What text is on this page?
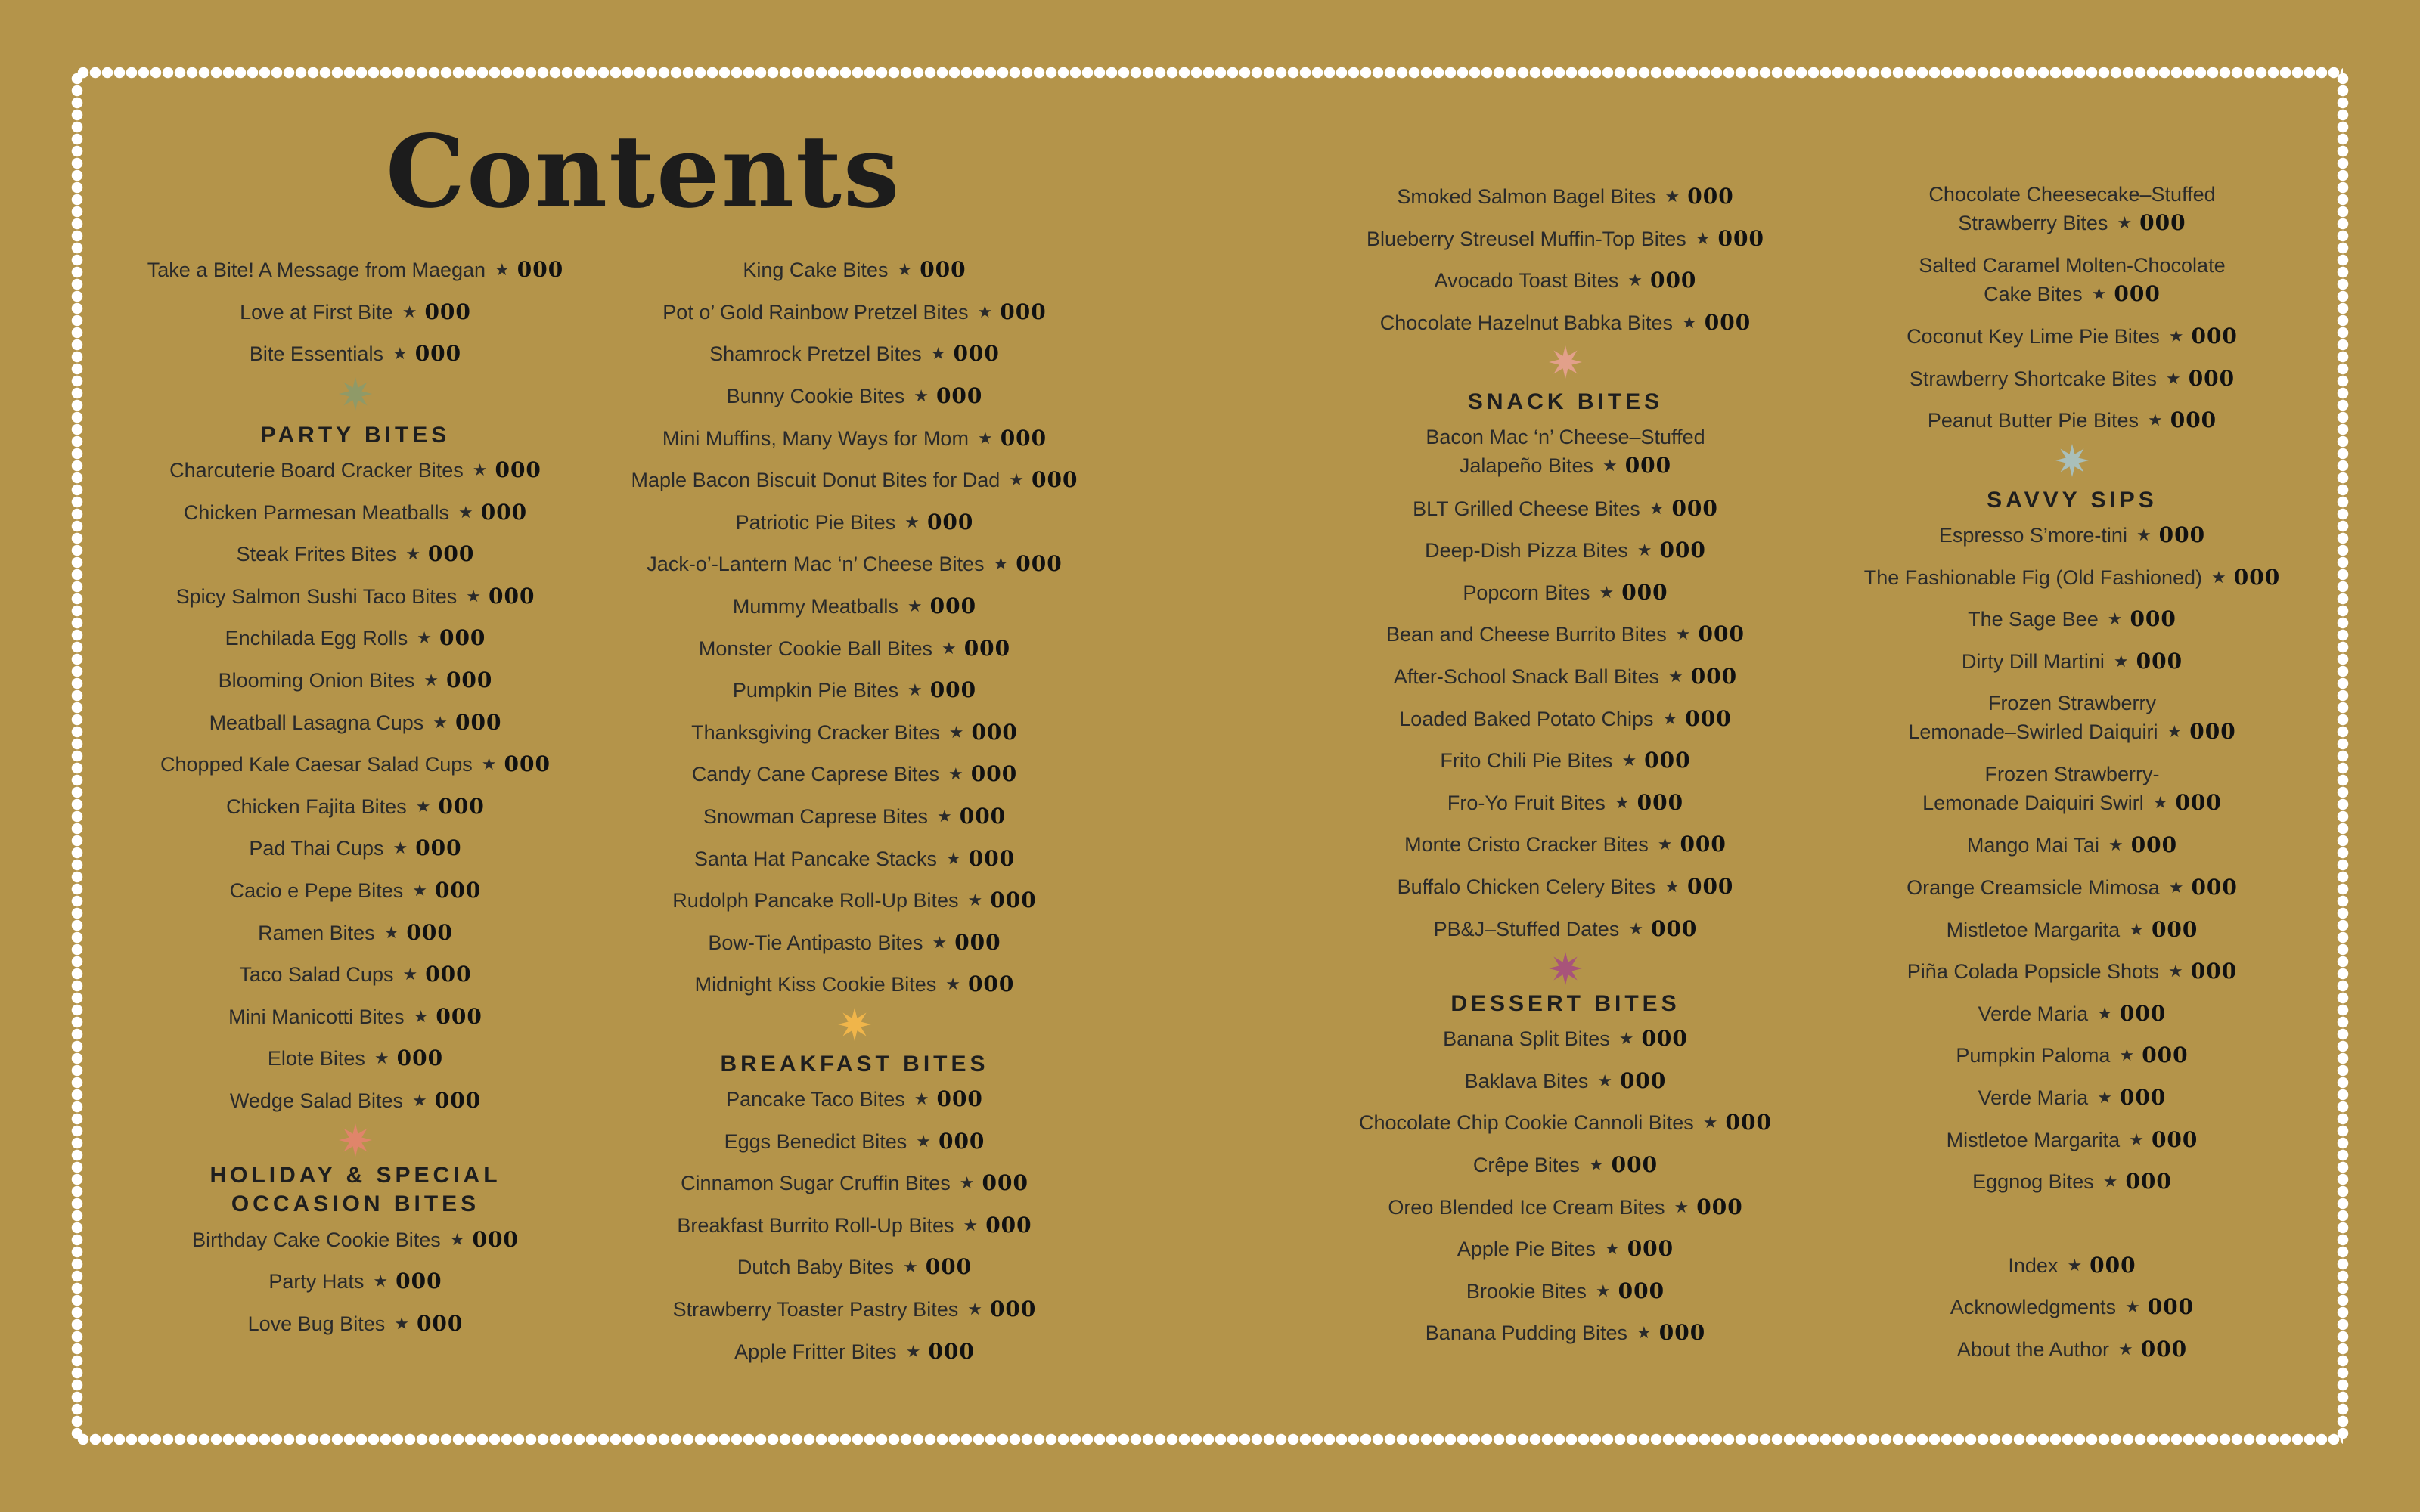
Contents
Take a Bite! A Message from Maegan ★ 000
Love at First Bite ★ 000
Bite Essentials ★ 000
PARTY BITES
Charcuterie Board Cracker Bites ★ 000
Chicken Parmesan Meatballs ★ 000
Steak Frites Bites ★ 000
Spicy Salmon Sushi Taco Bites ★ 000
Enchilada Egg Rolls ★ 000
Blooming Onion Bites ★ 000
Meatball Lasagna Cups ★ 000
Chopped Kale Caesar Salad Cups ★ 000
Chicken Fajita Bites ★ 000
Pad Thai Cups ★ 000
Cacio e Pepe Bites ★ 000
Ramen Bites ★ 000
Taco Salad Cups ★ 000
Mini Manicotti Bites ★ 000
Elote Bites ★ 000
Wedge Salad Bites ★ 000
HOLIDAY & SPECIAL
OCCASION BITES
Birthday Cake Cookie Bites ★ 000
Party Hats ★ 000
Love Bug Bites ★ 000
King Cake Bites ★ 000
Pot o’ Gold Rainbow Pretzel Bites ★ 000
Shamrock Pretzel Bites ★ 000
Bunny Cookie Bites ★ 000
Mini Muffins, Many Ways for Mom ★ 000
Maple Bacon Biscuit Donut Bites for Dad ★ 000
Patriotic Pie Bites ★ 000
Jack-o’-Lantern Mac ‘n’ Cheese Bites ★ 000
Mummy Meatballs ★ 000
Monster Cookie Ball Bites ★ 000
Pumpkin Pie Bites ★ 000
Thanksgiving Cracker Bites ★ 000
Candy Cane Caprese Bites ★ 000
Snowman Caprese Bites ★ 000
Santa Hat Pancake Stacks ★ 000
Rudolph Pancake Roll-Up Bites ★ 000
Bow-Tie Antipasto Bites ★ 000
Midnight Kiss Cookie Bites ★ 000
BREAKFAST BITES
Pancake Taco Bites ★ 000
Eggs Benedict Bites ★ 000
Cinnamon Sugar Cruffin Bites ★ 000
Breakfast Burrito Roll-Up Bites ★ 000
Dutch Baby Bites ★ 000
Strawberry Toaster Pastry Bites ★ 000
Apple Fritter Bites ★ 000
Smoked Salmon Bagel Bites ★ 000
Blueberry Streusel Muffin-Top Bites ★ 000
Avocado Toast Bites ★ 000
Chocolate Hazelnut Babka Bites ★ 000
SNACK BITES
Bacon Mac ‘n’ Cheese–Stuffed
Jalapeño Bites ★ 000
BLT Grilled Cheese Bites ★ 000
Deep-Dish Pizza Bites ★ 000
Popcorn Bites ★ 000
Bean and Cheese Burrito Bites ★ 000
After-School Snack Ball Bites ★ 000
Loaded Baked Potato Chips ★ 000
Frito Chili Pie Bites ★ 000
Fro-Yo Fruit Bites ★ 000
Monte Cristo Cracker Bites ★ 000
Buffalo Chicken Celery Bites ★ 000
PB&J–Stuffed Dates ★ 000
DESSERT BITES
Banana Split Bites ★ 000
Baklava Bites ★ 000
Chocolate Chip Cookie Cannoli Bites ★ 000
Crêpe Bites ★ 000
Oreo Blended Ice Cream Bites ★ 000
Apple Pie Bites ★ 000
Brookie Bites ★ 000
Banana Pudding Bites ★ 000
Chocolate Cheesecake–Stuffed
Strawberry Bites ★ 000
Salted Caramel Molten-Chocolate
Cake Bites ★ 000
Coconut Key Lime Pie Bites ★ 000
Strawberry Shortcake Bites ★ 000
Peanut Butter Pie Bites ★ 000
SAVVY SIPS
Espresso S’more-tini ★ 000
The Fashionable Fig (Old Fashioned) ★ 000
The Sage Bee ★ 000
Dirty Dill Martini ★ 000
Frozen Strawberry
Lemonade–Swirled Daiquiri ★ 000
Frozen Strawberry-
Lemonade Daiquiri Swirl ★ 000
Mango Mai Tai ★ 000
Orange Creamsicle Mimosa ★ 000
Mistletoe Margarita ★ 000
Piña Colada Popsicle Shots ★ 000
Verde Maria ★ 000
Pumpkin Paloma ★ 000
Verde Maria ★ 000
Mistletoe Margarita ★ 000
Eggnog Bites ★ 000
Index ★ 000
Acknowledgments ★ 000
About the Author ★ 000
